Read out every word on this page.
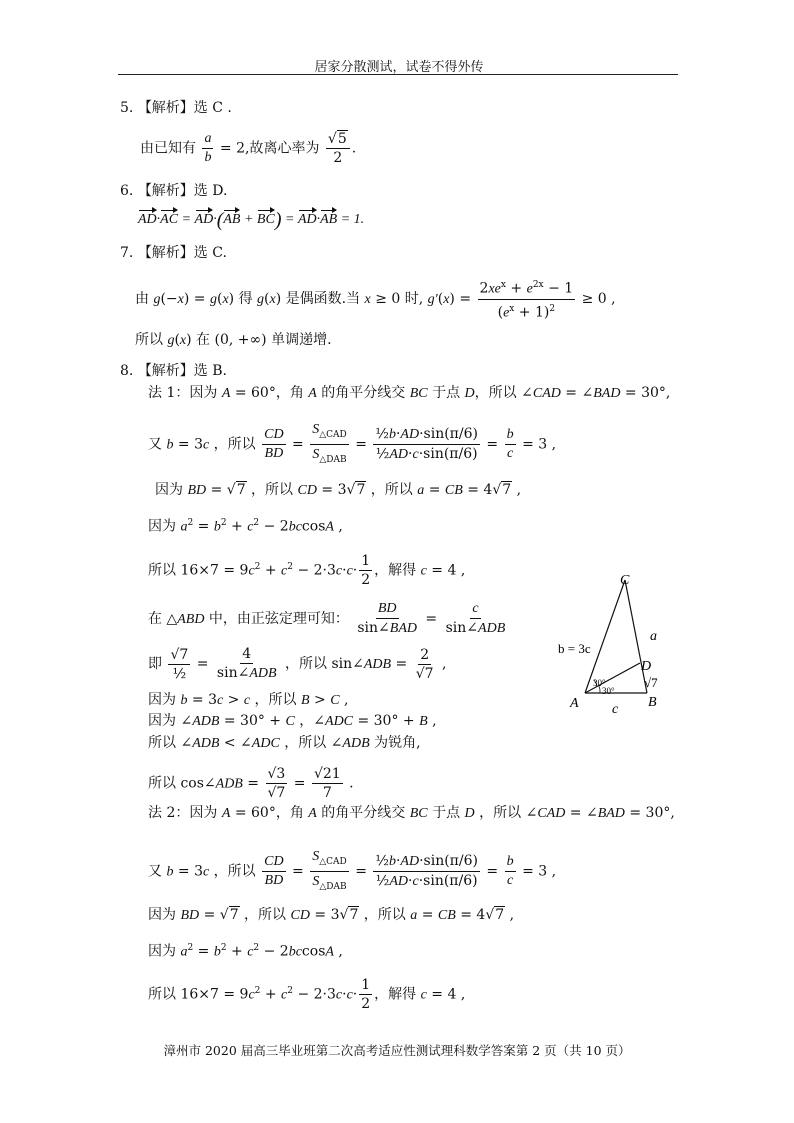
居家分散测试，试卷不得外传
5. 【解析】选 C .
由已知有 $\frac{a}{b} = 2$,故离心率为 $\frac{√5}{2}$ .
6. 【解析】选 D.
AD·AC = AD·(AB + BC) = AD·AB = 1.
7. 【解析】选 C.
由 g(−x) = g(x) 得 g(x) 是偶函数.当 x ≥ 0 时, $g'(x) = \frac{2xe^x + e^{2x} - 1}{(e^x + 1)^2} \ge 0$ ,
所以 g(x) 在 (0, +∞) 单调递增.
8. 【解析】选 B.
法 1：因为 A = 60°，角 A 的角平分线交 BC 于点 D，所以 ∠CAD = ∠BAD = 30°,
又 b = 3c ，所以 $\frac{CD}{BD} = \frac{S_{\triangle CAD}}{S_{\triangle DAB}} = \frac{\text{½b·AD·sin(π/6)}}{\text{½AD·c·sin(π/6)}} = \frac{b}{c} = 3$ ,
因为 BD = √7 ，所以 CD = 3√7 ，所以 a = CB = 4√7 ,
因为 $a^2 = b^2 + c^2 - 2bccosA$ ,
所以 $16\times 7 = 9c^2 + c^2 - 2\cdot 3c\cdot c\cdot \frac{1}{2}$ ，解得 c = 4 ,
在 △ABD 中，由正弦定理可知： $\frac{BD}{\text{sin∠BAD}} = \frac{c}{\text{sin∠ADB}}$
即 $\frac{√7}{\text{½}} = \frac{4}{\text{sin∠ADB}}$ ，所以 sin∠ADB = $\frac{2}{√7}$ ,
因为 b = 3c > c ，所以 B > C ,
因为 ∠ADB = 30° + C ，∠ADC = 30° + B ,
所以 ∠ADB < ∠ADC ，所以 ∠ADB 为锐角,
所以 cos∠ADB = $\frac{√3}{√7} = \frac{√21}{7}$ .
法 2：因为 A = 60°，角 A 的角平分线交 BC 于点 D ，所以 ∠CAD = ∠BAD = 30°,
又 b = 3c ，所以 $\frac{CD}{BD} = \frac{S_{\triangle CAD}}{S_{\triangle DAB}} = \frac{\text{½b·AD·sin(π/6)}}{\text{½AD·c·sin(π/6)}} = \frac{b}{c} = 3$ ,
因为 BD = √7 ，所以 CD = 3√7 ，所以 a = CB = 4√7 ,
因为 $a^2 = b^2 + c^2 - 2bccosA$ ,
所以 $16\times 7 = 9c^2 + c^2 - 2\cdot 3c\cdot c\cdot \frac{1}{2}$ ，解得 c = 4 ,
C
A	B
D
a
c
b = 3c
√7
30°
30°
漳州市 2020 届高三毕业班第二次高考适应性测试理科数学答案第 2 页（共 10 页）
